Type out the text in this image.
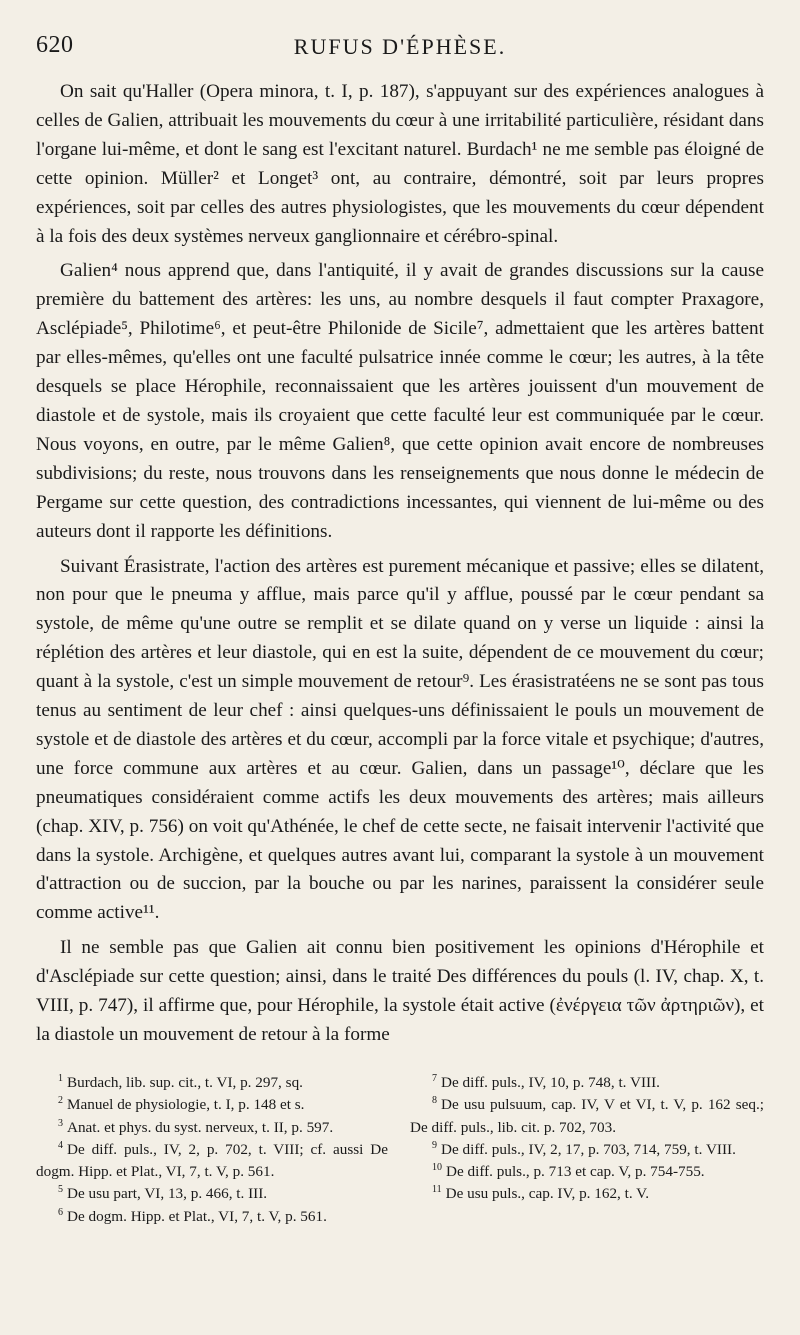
620	RUFUS D'ÉPHÈSE.

On sait qu'Haller (Opera minora, t. I, p. 187), s'appuyant sur des expériences analogues à celles de Galien, attribuait les mouvements du cœur à une irritabilité particulière, résidant dans l'organe lui-même, et dont le sang est l'excitant naturel. Burdach¹ ne me semble pas éloigné de cette opinion. Müller² et Longet³ ont, au contraire, démontré, soit par leurs propres expériences, soit par celles des autres physiologistes, que les mouvements du cœur dépendent à la fois des deux systèmes nerveux ganglionnaire et cérébro-spinal.

Galien⁴ nous apprend que, dans l'antiquité, il y avait de grandes discussions sur la cause première du battement des artères: les uns, au nombre desquels il faut compter Praxagore, Asclépiade⁵, Philotime⁶, et peut-être Philonide de Sicile⁷, admettaient que les artères battent par elles-mêmes, qu'elles ont une faculté pulsatrice innée comme le cœur; les autres, à la tête desquels se place Hérophile, reconnaissaient que les artères jouissent d'un mouvement de diastole et de systole, mais ils croyaient que cette faculté leur est communiquée par le cœur. Nous voyons, en outre, par le même Galien⁸, que cette opinion avait encore de nombreuses subdivisions; du reste, nous trouvons dans les renseignements que nous donne le médecin de Pergame sur cette question, des contradictions incessantes, qui viennent de lui-même ou des auteurs dont il rapporte les définitions.

Suivant Érasistrate, l'action des artères est purement mécanique et passive; elles se dilatent, non pour que le pneuma y afflue, mais parce qu'il y afflue, poussé par le cœur pendant sa systole, de même qu'une outre se remplit et se dilate quand on y verse un liquide : ainsi la réplétion des artères et leur diastole, qui en est la suite, dépendent de ce mouvement du cœur; quant à la systole, c'est un simple mouvement de retour⁹. Les érasistratéens ne se sont pas tous tenus au sentiment de leur chef : ainsi quelques-uns définissaient le pouls un mouvement de systole et de diastole des artères et du cœur, accompli par la force vitale et psychique; d'autres, une force commune aux artères et au cœur. Galien, dans un passage¹⁰, déclare que les pneumatiques considéraient comme actifs les deux mouvements des artères; mais ailleurs (chap. XIV, p. 756) on voit qu'Athénée, le chef de cette secte, ne faisait intervenir l'activité que dans la systole. Archigène, et quelques autres avant lui, comparant la systole à un mouvement d'attraction ou de succion, par la bouche ou par les narines, paraissent la considérer seule comme active¹¹.

Il ne semble pas que Galien ait connu bien positivement les opinions d'Hérophile et d'Asclépiade sur cette question; ainsi, dans le traité Des différences du pouls (l. IV, chap. X, t. VIII, p. 747), il affirme que, pour Hérophile, la systole était active (ἐνέργεια τῶν ἀρτηριῶν), et la diastole un mouvement de retour à la forme

$^1$ Burdach, lib. sup. cit., t. VI, p. 297, sq.

$^2$ Manuel de physiologie, t. I, p. 148 et s.

$^3$ Anat. et phys. du syst. nerveux, t. II, p. 597.

$^4$ De diff. puls., IV, 2, p. 702, t. VIII; cf. aussi De dogm. Hipp. et Plat., VI, 7, t. V, p. 561.

$^5$ De usu part, VI, 13, p. 466, t. III.

$^6$ De dogm. Hipp. et Plat., VI, 7, t. V, p. 561.

$^7$ De diff. puls., IV, 10, p. 748, t. VIII.

$^8$ De usu pulsuum, cap. IV, V et VI, t. V, p. 162 seq.; De diff. puls., lib. cit. p. 702, 703.

$^9$ De diff. puls., IV, 2, 17, p. 703, 714, 759, t. VIII.

$^{10}$ De diff. puls., p. 713 et cap. V, p. 754-755.

$^{11}$ De usu puls., cap. IV, p. 162, t. V.
